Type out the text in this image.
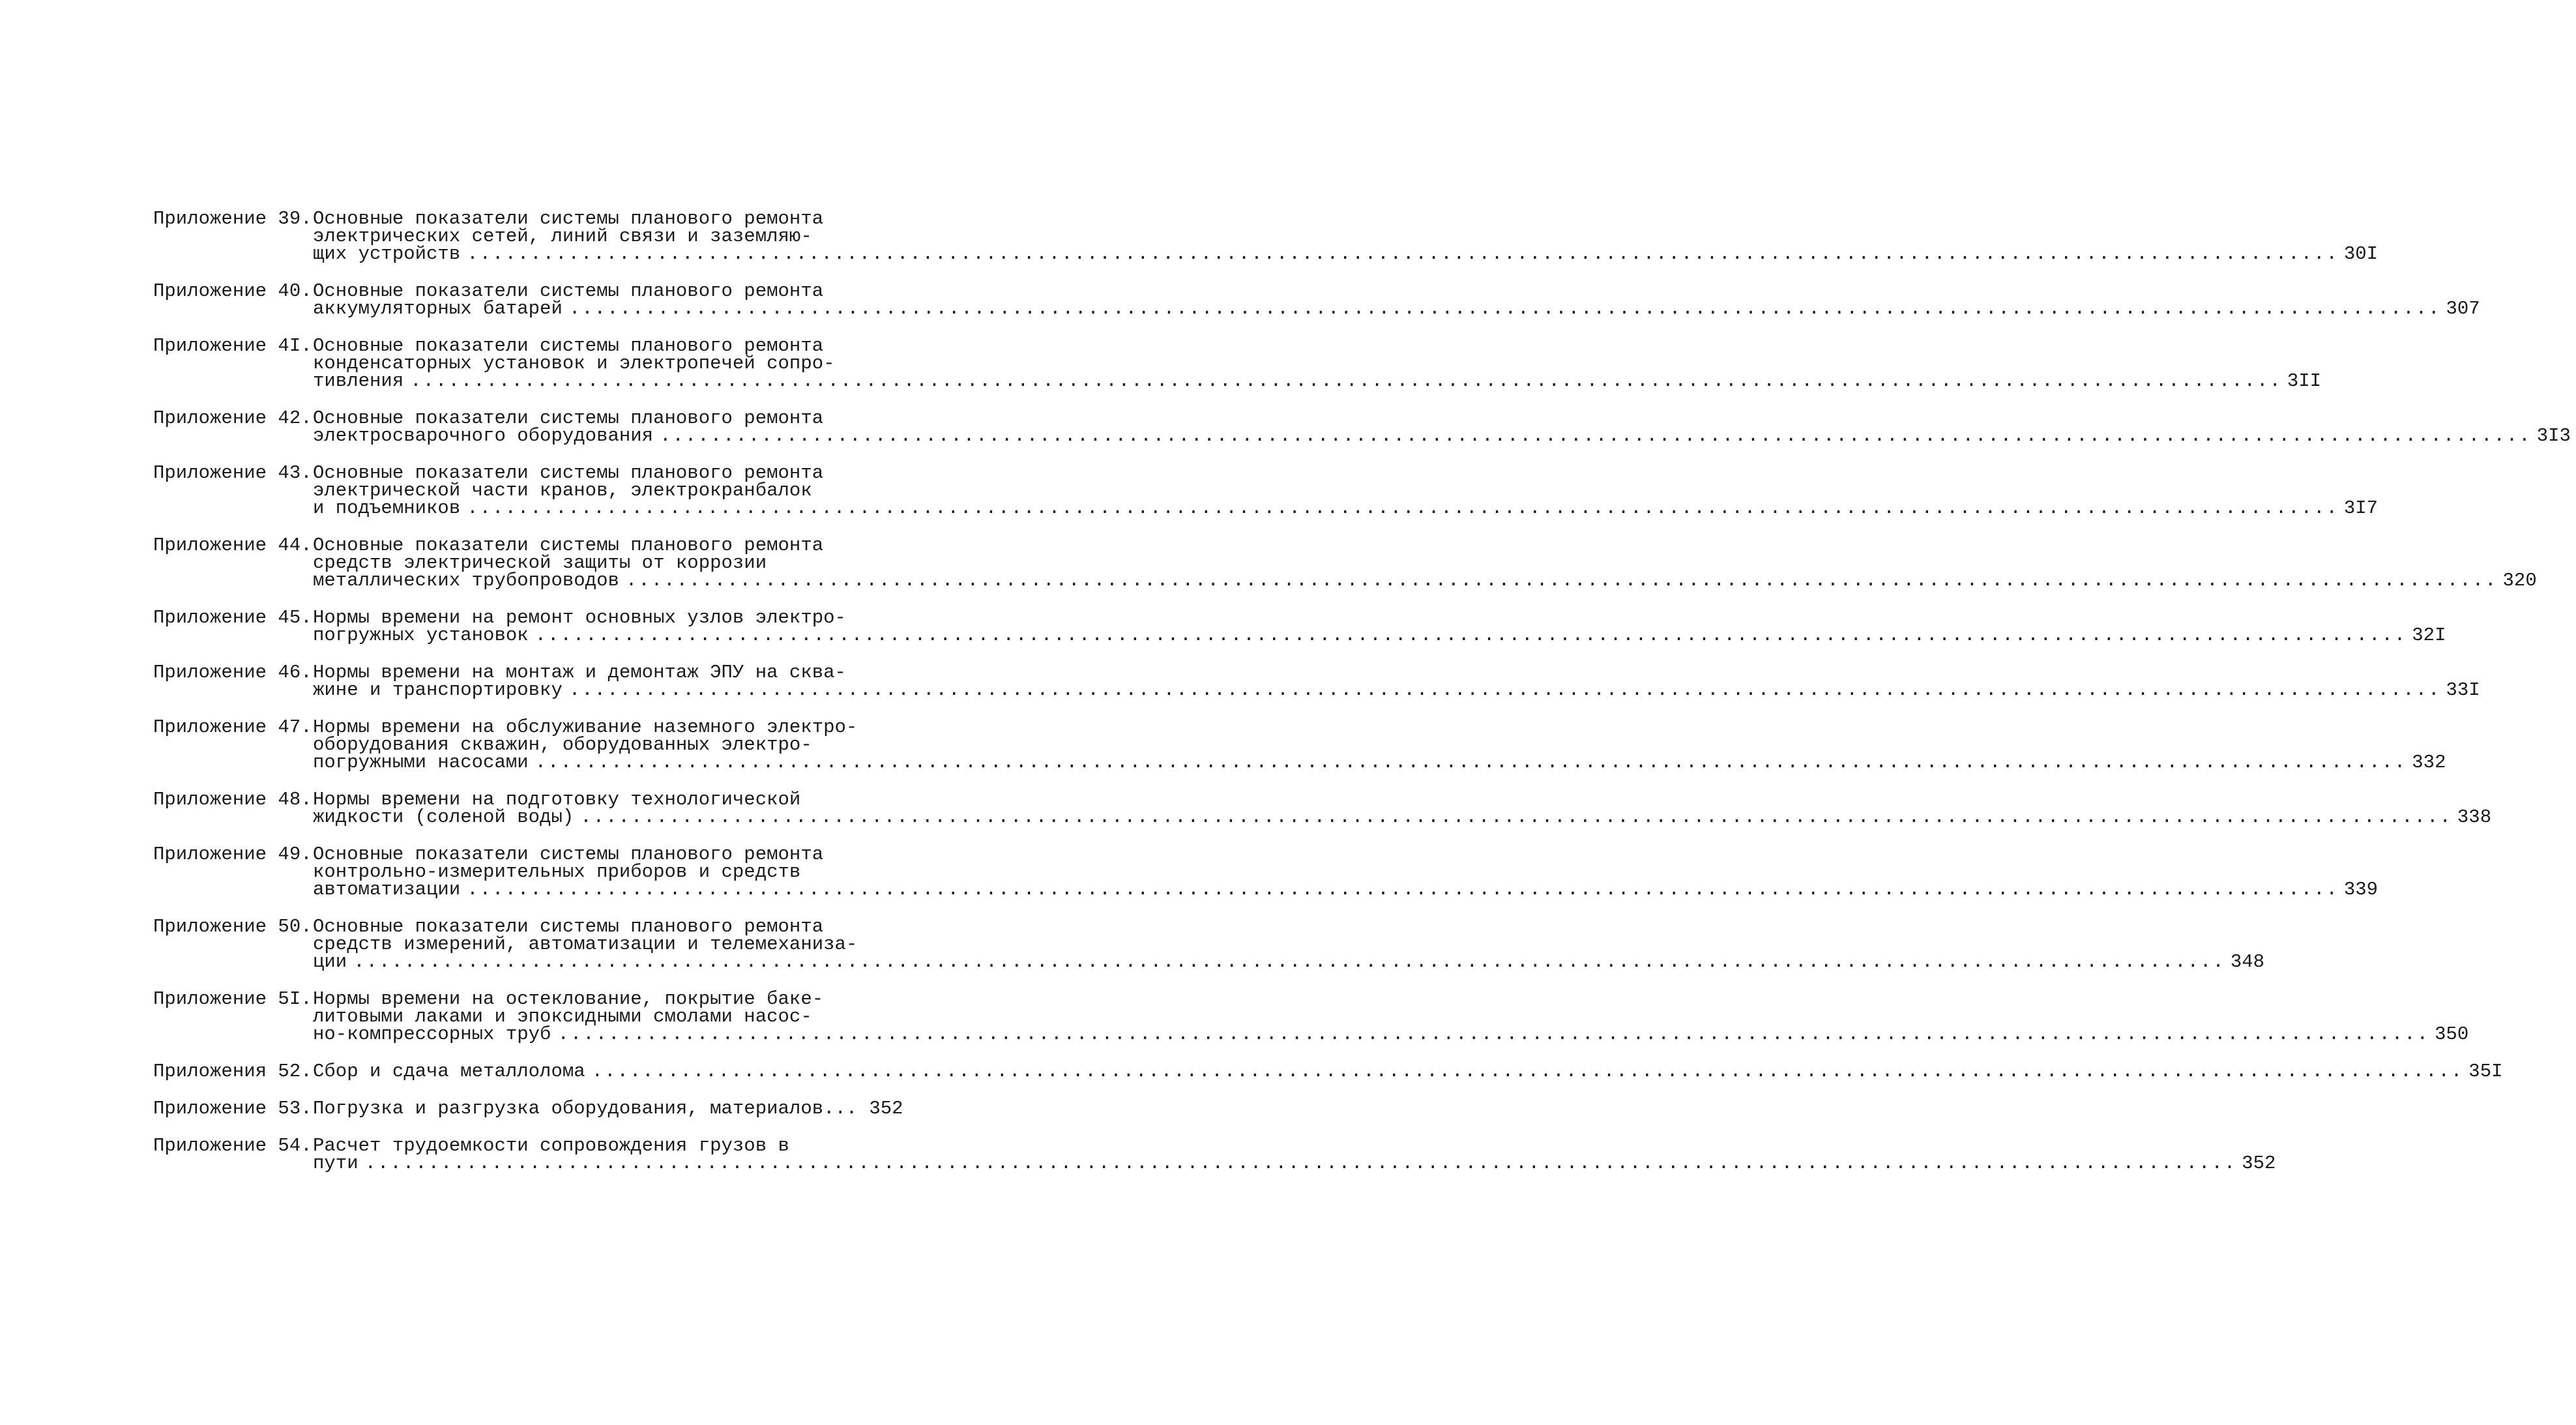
Приложение 39. Основные показатели системы планового ремонта
электрических сетей, линий связи и заземляю-
щих устройств .....	30I
Приложение 40. Основные показатели системы планового ремонта
аккумуляторных батарей .....	307
Приложение 4I. Основные показатели системы планового ремонта
конденсаторных установок и электропечей сопро-
тивления .....	3II
Приложение 42. Основные показатели системы планового ремонта
электросварочного оборудования .....	3I3
Приложение 43. Основные показатели системы планового ремонта
электрической части кранов, электрокранбалок
и подъемников .....	3I7
Приложение 44. Основные показатели системы планового ремонта
средств электрической защиты от коррозии
металлических трубопроводов .....	320
Приложение 45. Нормы времени на ремонт основных узлов электро-
погружных установок .....	32I
Приложение 46. Нормы времени на монтаж и демонтаж ЭПУ на сква-
жине и транспортировку .....	33I
Приложение 47. Нормы времени на обслуживание наземного электро-
оборудования скважин, оборудованных электро-
погружными насосами .....	332
Приложение 48. Нормы времени на подготовку технологической
жидкости (соленой воды) .....	338
Приложение 49. Основные показатели системы планового ремонта
контрольно-измерительных приборов и средств
автоматизации .....	339
Приложение 50. Основные показатели системы планового ремонта
средств измерений, автоматизации и телемеханиза-
ции .....	348
Приложение 5I. Нормы времени на остеклование, покрытие баке-
литовыми лаками и эпоксидными смолами насос-
но-компрессорных труб .....	350
Приложения 52. Сбор и сдача металлолома .....	35I
Приложение 53. Погрузка и разгрузка оборудования, материалов... 352
Приложение 54. Расчет трудоемкости сопровождения грузов в
пути .....	352
